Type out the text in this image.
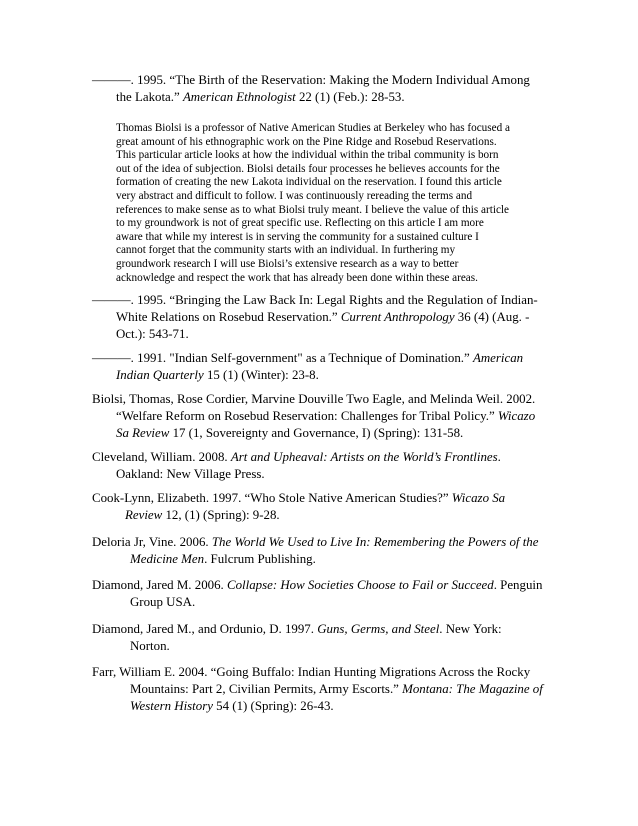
———. 1995. “The Birth of the Reservation: Making the Modern Individual Among
the Lakota.” American Ethnologist 22 (1) (Feb.): 28-53.
Thomas Biolsi is a professor of Native American Studies at Berkeley who has focused a
great amount of his ethnographic work on the Pine Ridge and Rosebud Reservations.
This particular article looks at how the individual within the tribal community is born
out of the idea of subjection. Biolsi details four processes he believes accounts for the
formation of creating the new Lakota individual on the reservation. I found this article
very abstract and difficult to follow. I was continuously rereading the terms and
references to make sense as to what Biolsi truly meant. I believe the value of this article
to my groundwork is not of great specific use. Reflecting on this article I am more
aware that while my interest is in serving the community for a sustained culture I
cannot forget that the community starts with an individual. In furthering my
groundwork research I will use Biolsi’s extensive research as a way to better
acknowledge and respect the work that has already been done within these areas.
———. 1995. “Bringing the Law Back In: Legal Rights and the Regulation of Indian-
White Relations on Rosebud Reservation.” Current Anthropology 36 (4) (Aug. -
Oct.): 543-71.
———. 1991. "Indian Self-government" as a Technique of Domination.” American
Indian Quarterly 15 (1) (Winter): 23-8.
Biolsi, Thomas, Rose Cordier, Marvine Douville Two Eagle, and Melinda Weil. 2002.
“Welfare Reform on Rosebud Reservation: Challenges for Tribal Policy.” Wicazo
Sa Review 17 (1, Sovereignty and Governance, I) (Spring): 131-58.
Cleveland, William. 2008. Art and Upheaval: Artists on the World’s Frontlines.
Oakland: New Village Press.
Cook-Lynn, Elizabeth. 1997. “Who Stole Native American Studies?” Wicazo Sa
Review 12, (1) (Spring): 9-28.
Deloria Jr, Vine. 2006. The World We Used to Live In: Remembering the Powers of the
Medicine Men. Fulcrum Publishing.
Diamond, Jared M. 2006. Collapse: How Societies Choose to Fail or Succeed. Penguin
Group USA.
Diamond, Jared M., and Ordunio, D. 1997. Guns, Germs, and Steel. New York:
Norton.
Farr, William E. 2004. “Going Buffalo: Indian Hunting Migrations Across the Rocky
Mountains: Part 2, Civilian Permits, Army Escorts.” Montana: The Magazine of
Western History 54 (1) (Spring): 26-43.
